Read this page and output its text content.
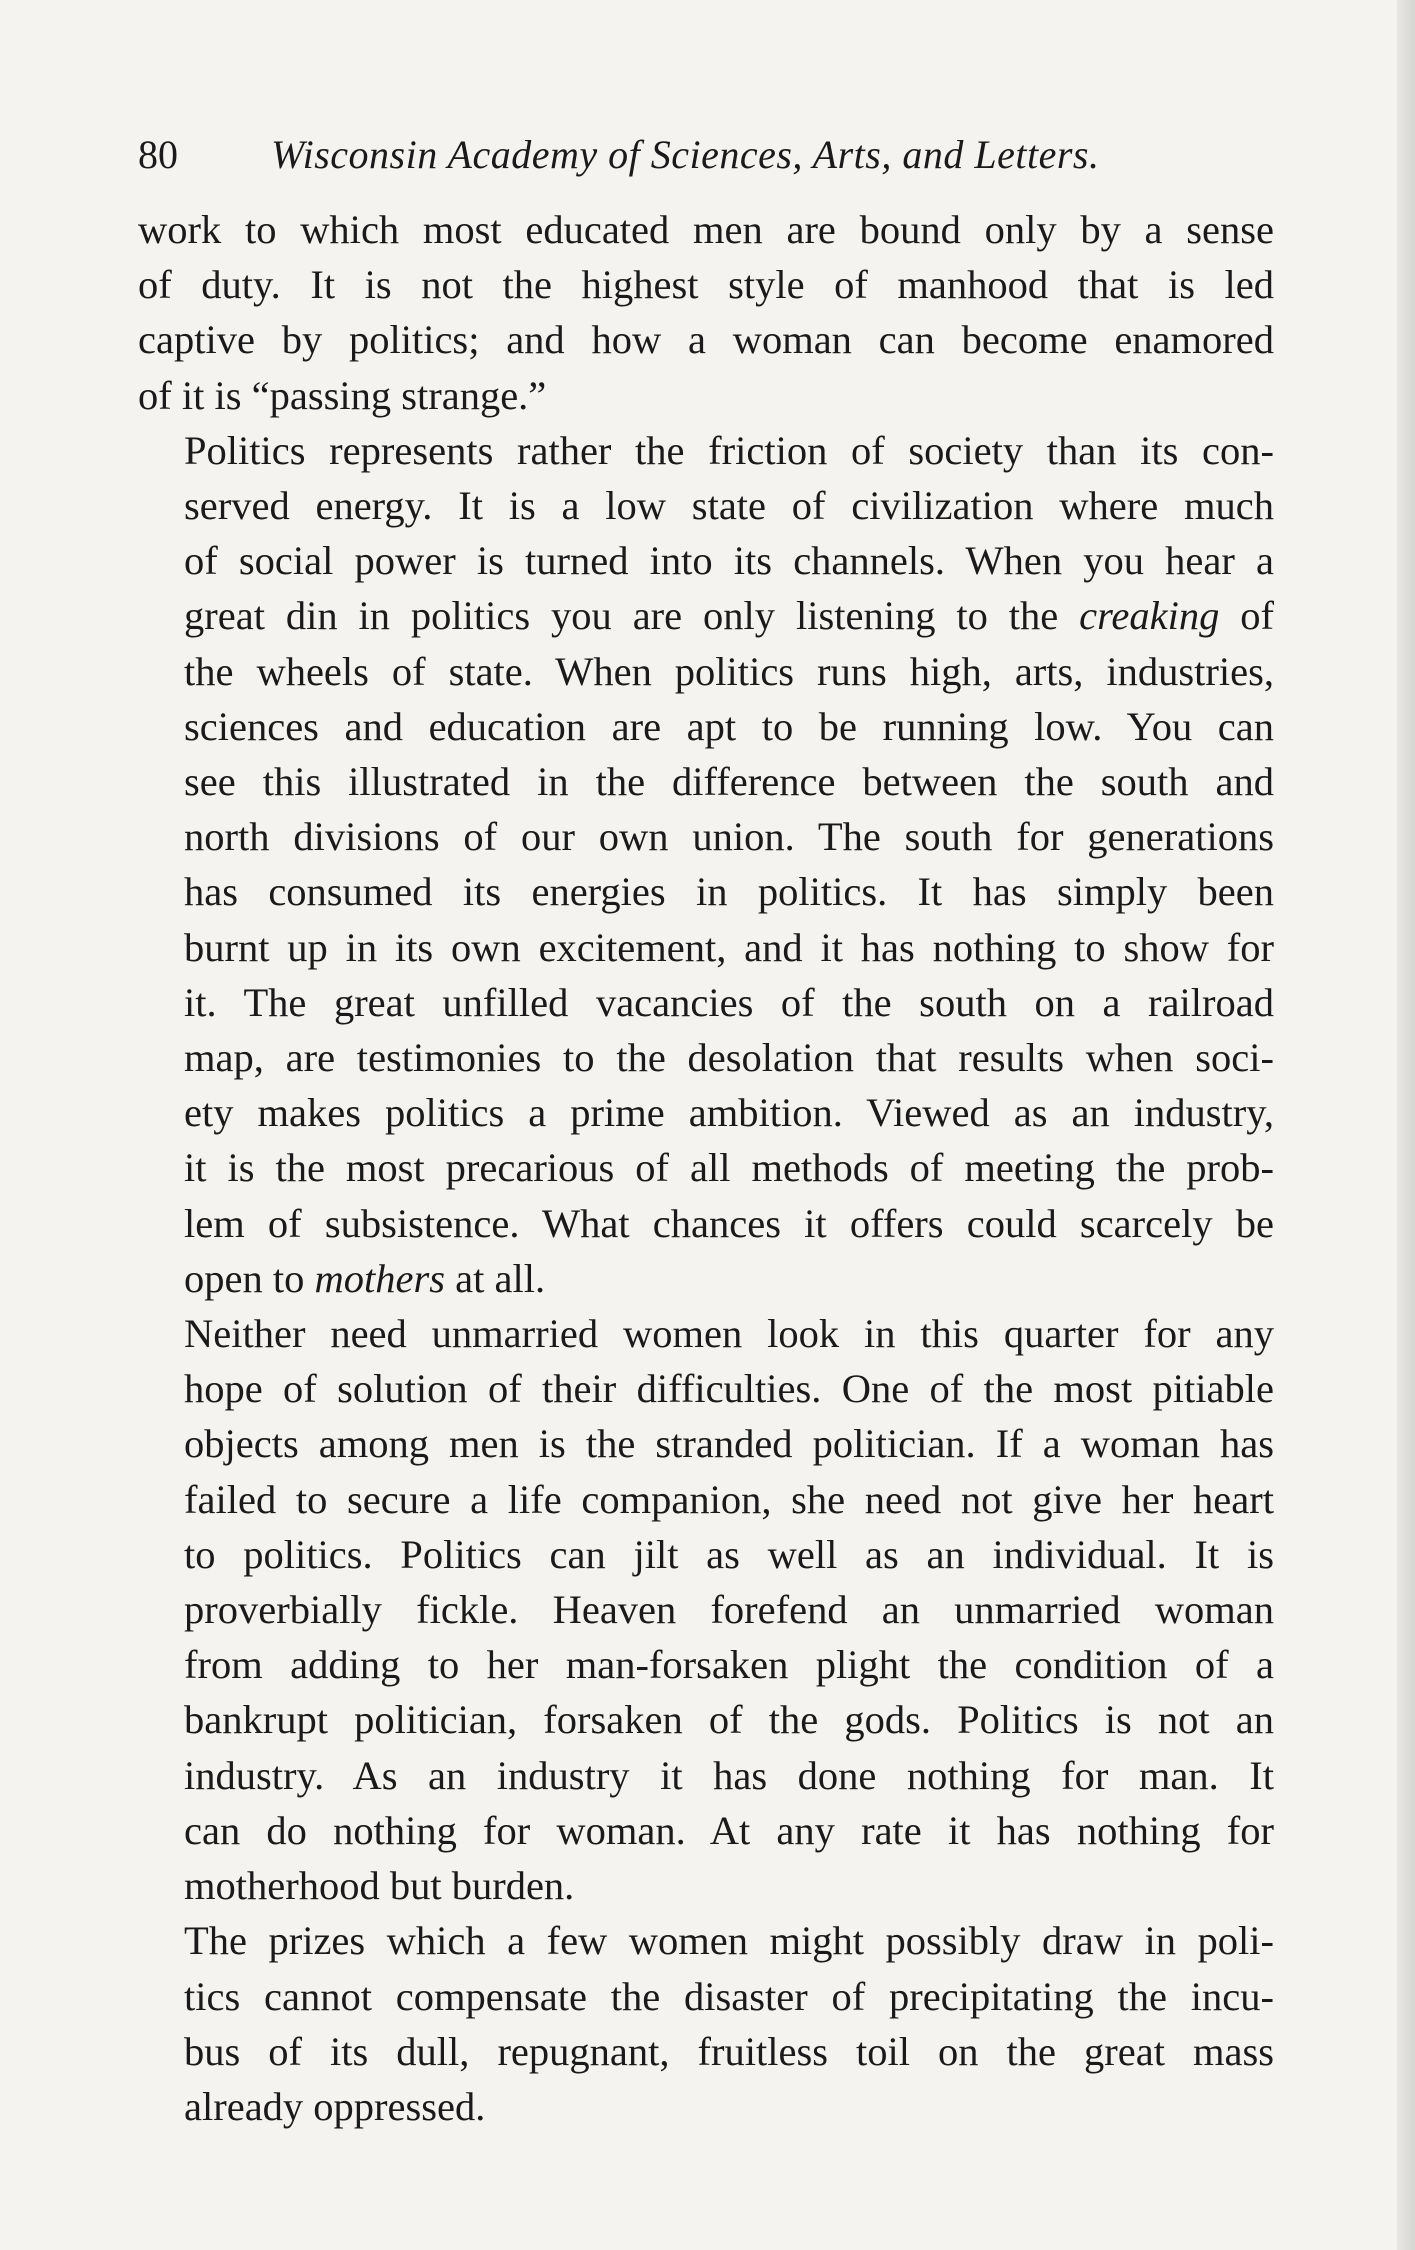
80 Wisconsin Academy of Sciences, Arts, and Letters.

work to which most educated men are bound only by a sense
of duty. It is not the highest style of manhood that is led
captive by politics; and how a woman can become enamored
of it is “passing strange.”

Politics represents rather the friction of society than its con-
served energy. It is a low state of civilization where much
of social power is turned into its channels. When you hear a
great din in politics you are only listening to the creaking of
the wheels of state. When politics runs high, arts, industries,
sciences and education are apt to be running low. You can
see this illustrated in the difference between the south and
north divisions of our own union. The south for generations
has consumed its energies in politics. It has simply been
burnt up in its own excitement, and it has nothing to show for
it. The great unfilled vacancies of the south on a railroad
map, are testimonies to the desolation that results when soci-
ety makes politics a prime ambition. Viewed as an industry,
it is the most precarious of all methods of meeting the prob-
lem of subsistence. What chances it offers could scarcely be
open to mothers at all.

Neither need unmarried women look in this quarter for any
hope of solution of their difficulties. One of the most pitiable
objects among men is the stranded politician. If a woman has
failed to secure a life companion, she need not give her heart
to politics. Politics can jilt as well as an individual. It is
proverbially fickle. Heaven forefend an unmarried woman
from adding to her man-forsaken plight the condition of a
bankrupt politician, forsaken of the gods. Politics is not an
industry. As an industry it has done nothing for man. It
can do nothing for woman. At any rate it has nothing for
motherhood but burden.

The prizes which a few women might possibly draw in poli-
tics cannot compensate the disaster of precipitating the incu-
bus of its dull, repugnant, fruitless toil on the great mass
already oppressed.
